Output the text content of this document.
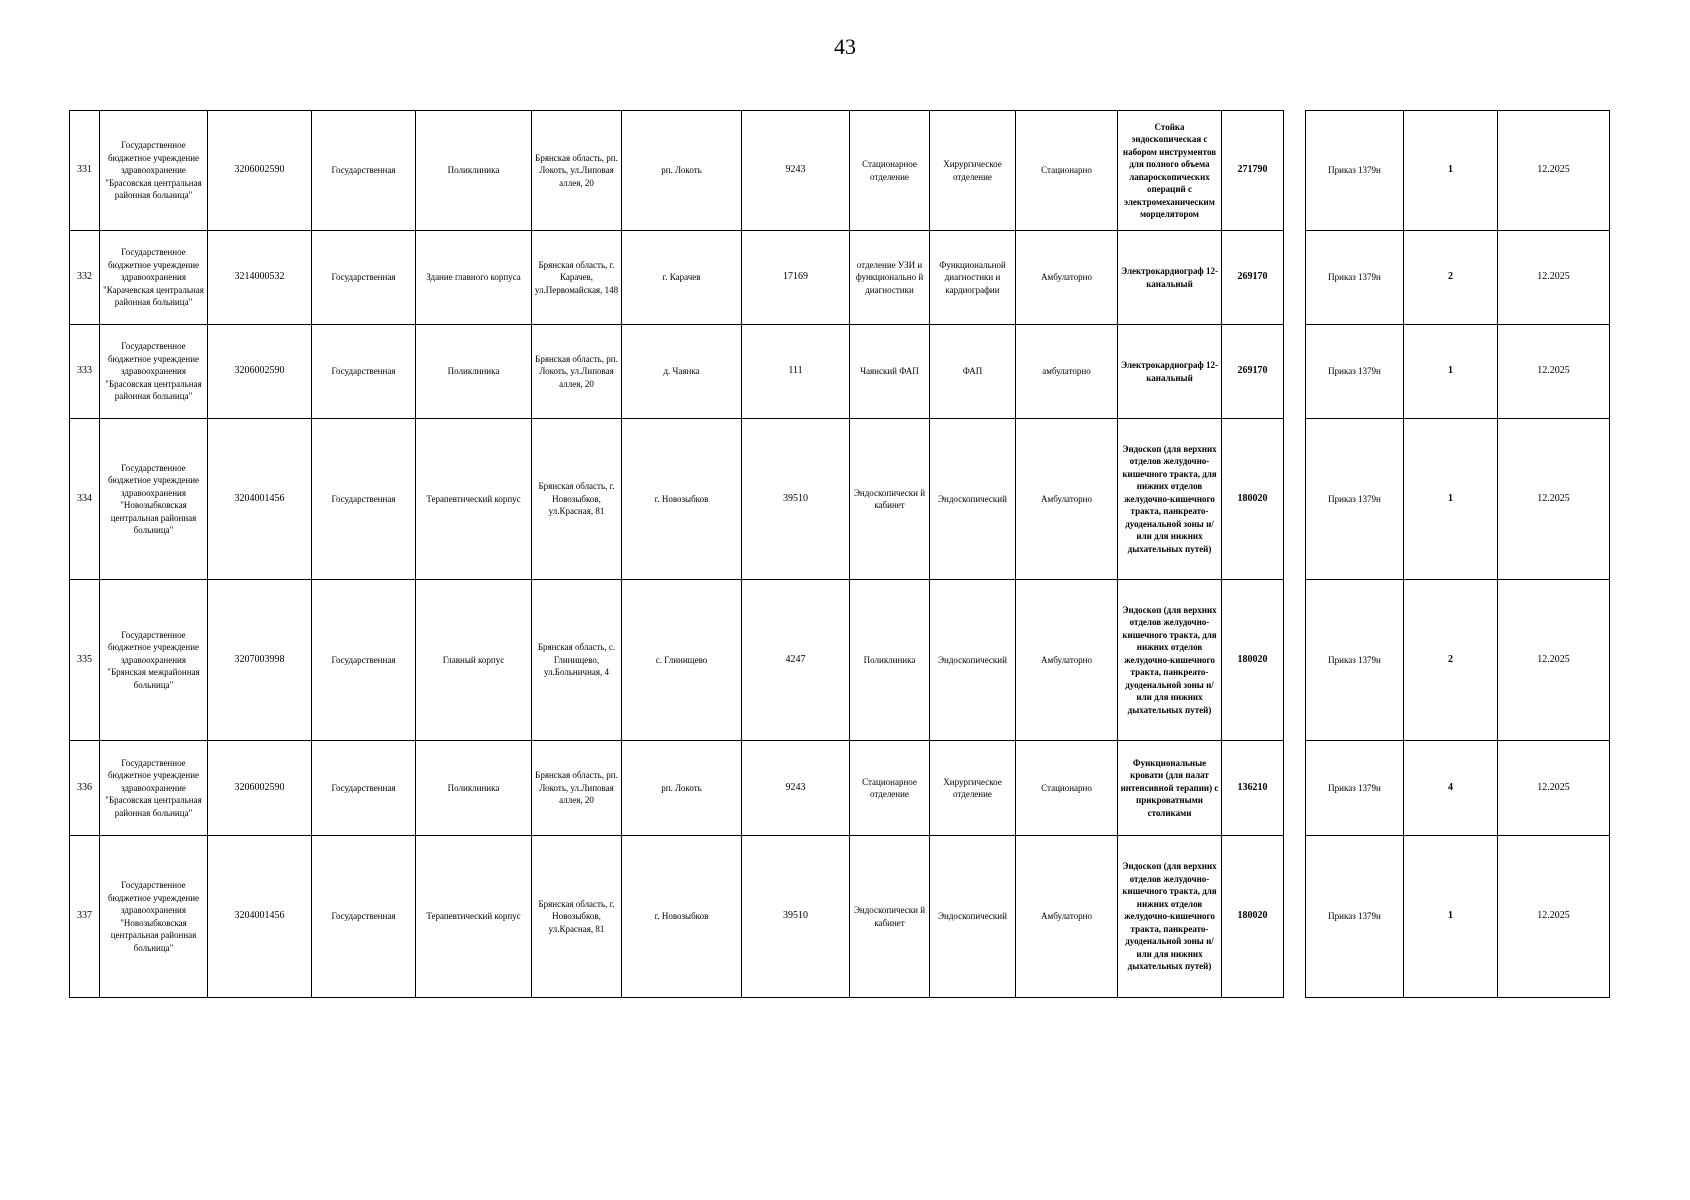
43
331	Государственное бюджетное учреждение здравоохранение "Брасовская центральная районная больница"	3206002590	Государственная	Поликлиника	Брянская область, рп. Локоть, ул.Липовая аллея, 20	рп. Локоть	9243	Стационарное отделение	Хирургическое отделение	Стационарно	Стойка эндоскопическая с набором инструментов для полного объема лапароскопических операций с электромеханическим морцелятором	271790		Приказ 1379н	1	12.2025
332	Государственное бюджетное учреждение здравоохранения "Карачевская центральная районная больница"	3214000532	Государственная	Здание главного корпуса	Брянская область, г. Карачев, ул.Первомайская, 148	г. Карачев	17169	отделение УЗИ и функционально й диагностики	Функциональной диагностики и кардиографии	Амбулаторно	Электрокардиограф 12-канальный	269170		Приказ 1379н	2	12.2025
333	Государственное бюджетное учреждение здравоохранения "Брасовская центральная районная больница"	3206002590	Государственная	Поликлиника	Брянская область, рп. Локоть, ул.Липовая аллея, 20	д. Чаянка	111	Чаянский ФАП	ФАП	амбулаторно	Электрокардиограф 12-канальный	269170		Приказ 1379н	1	12.2025
334	Государственное бюджетное учреждение здравоохранения "Новозыбковская центральная районная больница"	3204001456	Государственная	Терапевтический корпус	Брянская область, г. Новозыбков, ул.Красная, 81	г. Новозыбков	39510	Эндоскопически й кабинет	Эндоскопический	Амбулаторно	Эндоскоп (для верхних отделов желудочно-кишечного тракта, для нижних отделов желудочно-кишечного тракта, панкреато-дуоденальной зоны и/или для нижних дыхательных путей)	180020		Приказ 1379н	1	12.2025
335	Государственное бюджетное учреждение здравоохранения "Брянская межрайонная больница"	3207003998	Государственная	Главный корпус	Брянская область, с. Глинищево, ул.Больничная, 4	с. Глинищево	4247	Поликлиника	Эндоскопический	Амбулаторно	Эндоскоп (для верхних отделов желудочно-кишечного тракта, для нижних отделов желудочно-кишечного тракта, панкреато-дуоденальной зоны и/или для нижних дыхательных путей)	180020		Приказ 1379н	2	12.2025
336	Государственное бюджетное учреждение здравоохранение "Брасовская центральная районная больница"	3206002590	Государственная	Поликлиника	Брянская область, рп. Локоть, ул.Липовая аллея, 20	рп. Локоть	9243	Стационарное отделение	Хирургическое отделение	Стационарно	Функциональные кровати (для палат интенсивной терапии) с прикроватными столиками	136210		Приказ 1379н	4	12.2025
337	Государственное бюджетное учреждение здравоохранения "Новозыбковская центральная районная больница"	3204001456	Государственная	Терапевтический корпус	Брянская область, г. Новозыбков, ул.Красная, 81	г. Новозыбков	39510	Эндоскопически й кабинет	Эндоскопический	Амбулаторно	Эндоскоп (для верхних отделов желудочно-кишечного тракта, для нижних отделов желудочно-кишечного тракта, панкреато-дуоденальной зоны и/или для нижних дыхательных путей)	180020		Приказ 1379н	1	12.2025
